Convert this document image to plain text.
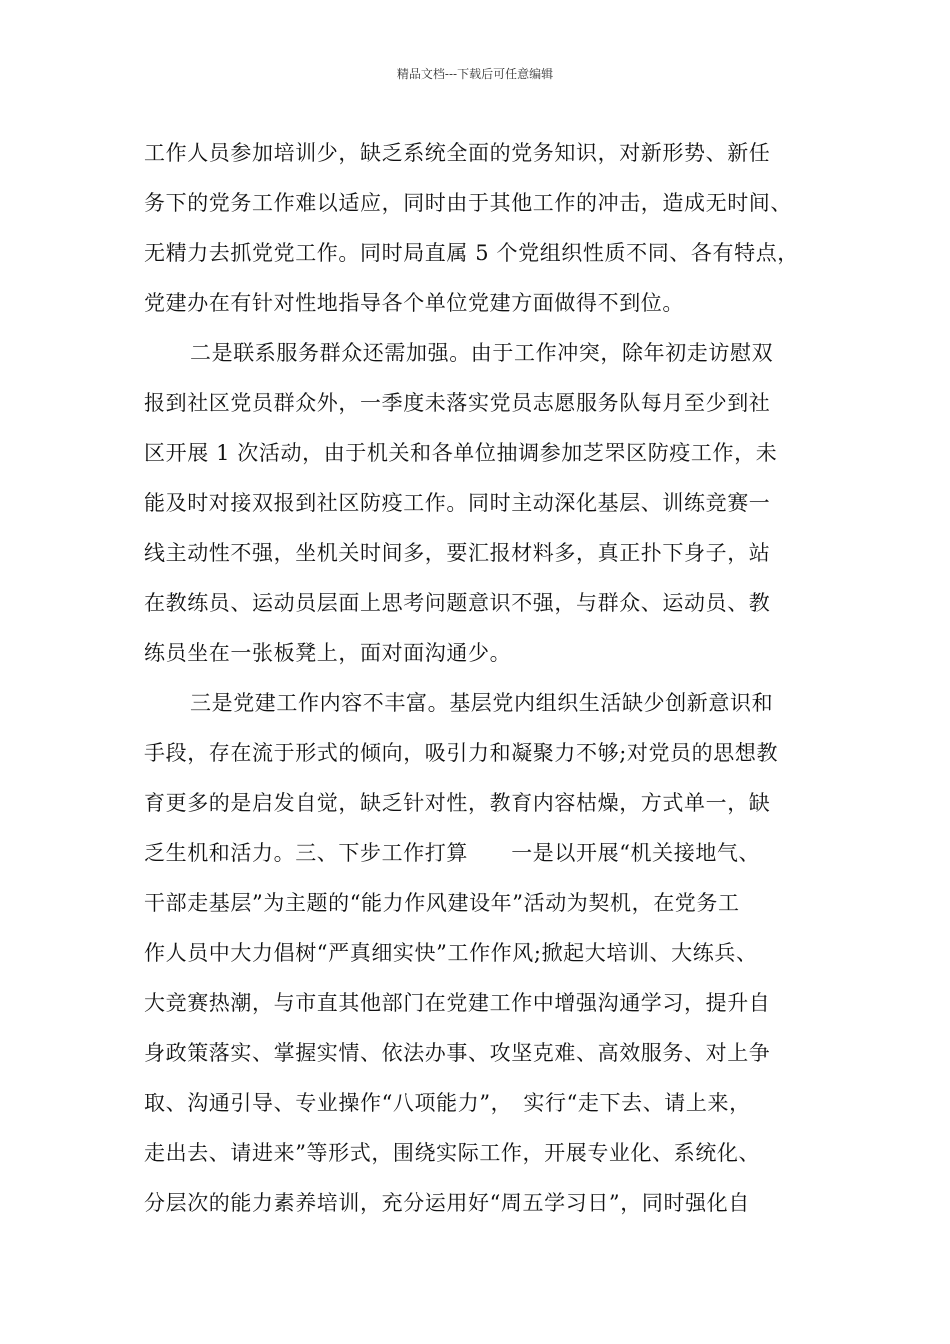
精品文档---下载后可任意编辑
工作人员参加培训少，缺乏系统全面的党务知识，对新形势、新任
务下的党务工作难以适应，同时由于其他工作的冲击，造成无时间、
无精力去抓党党工作。同时局直属 5 个党组织性质不同、各有特点，
党建办在有针对性地指导各个单位党建方面做得不到位。
二是联系服务群众还需加强。由于工作冲突，除年初走访慰双
报到社区党员群众外，一季度未落实党员志愿服务队每月至少到社
区开展 1 次活动，由于机关和各单位抽调参加芝罘区防疫工作，未
能及时对接双报到社区防疫工作。同时主动深化基层、训练竞赛一
线主动性不强，坐机关时间多，要汇报材料多，真正扑下身子，站
在教练员、运动员层面上思考问题意识不强，与群众、运动员、教
练员坐在一张板凳上，面对面沟通少。
三是党建工作内容不丰富。基层党内组织生活缺少创新意识和
手段，存在流于形式的倾向，吸引力和凝聚力不够;对党员的思想教
育更多的是启发自觉，缺乏针对性，教育内容枯燥，方式单一，缺
乏生机和活力。三、下步工作打算　　一是以开展“机关接地气、
干部走基层”为主题的“能力作风建设年”活动为契机，在党务工
作人员中大力倡树“严真细实快”工作作风;掀起大培训、大练兵、
大竞赛热潮，与市直其他部门在党建工作中增强沟通学习，提升自
身政策落实、掌握实情、依法办事、攻坚克难、高效服务、对上争
取、沟通引导、专业操作“八项能力”，　实行“走下去、请上来，
走出去、请进来”等形式，围绕实际工作，开展专业化、系统化、
分层次的能力素养培训，充分运用好“周五学习日”，同时强化自
